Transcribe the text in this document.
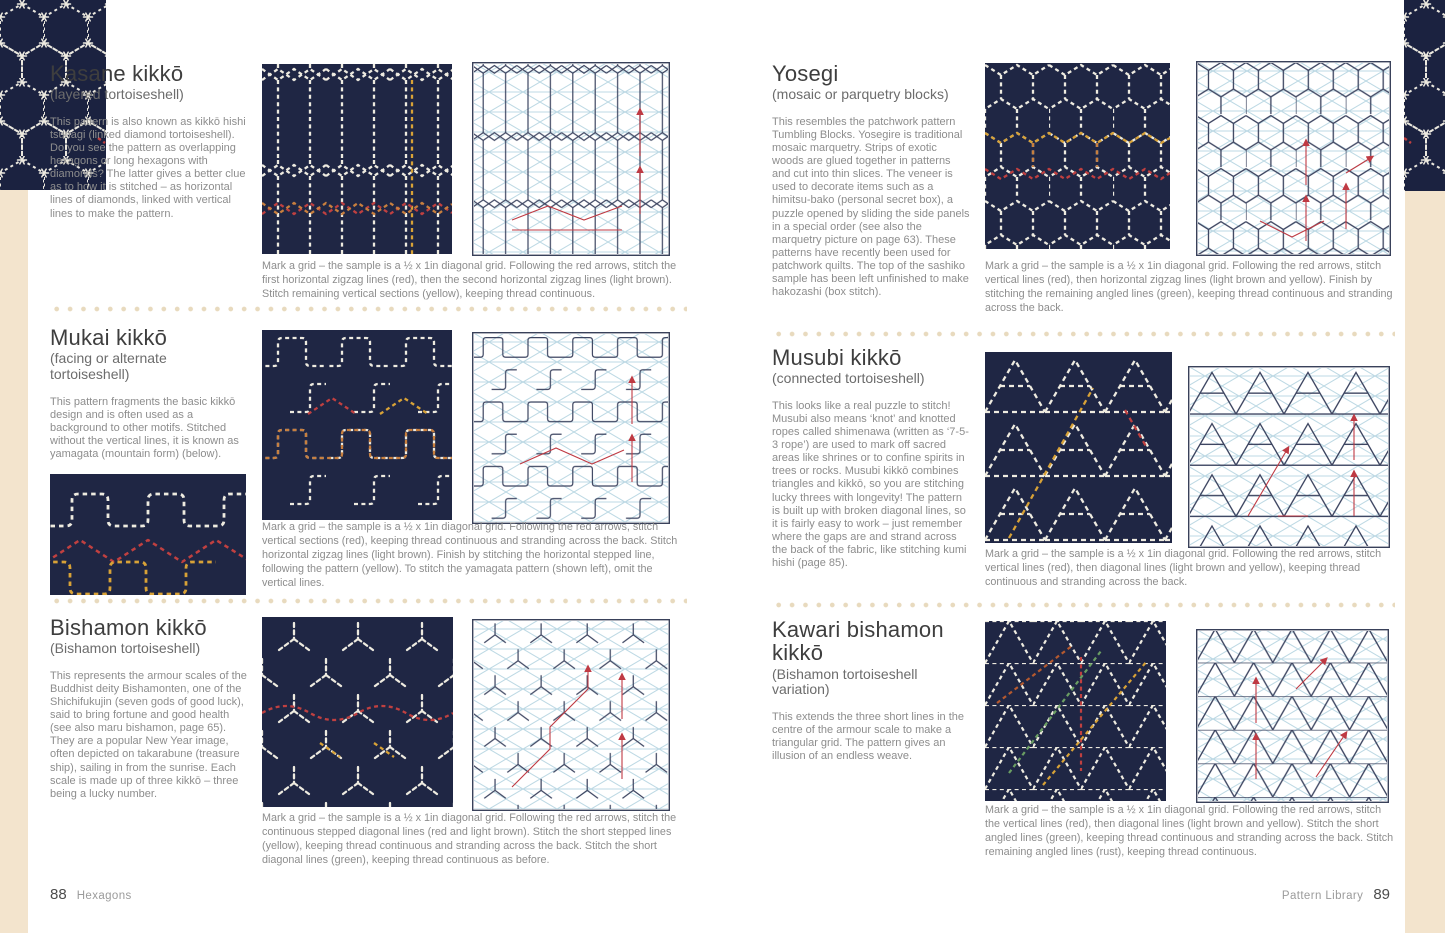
Kasane kikkō
(layered tortoiseshell)

This pattern is also known as kikkō hishi tsunagi (linked diamond tortoiseshell). Do you see the pattern as overlapping hexagons or long hexagons with diamonds? The latter gives a better clue as to how it is stitched – as horizontal lines of diamonds, linked with vertical lines to make the pattern.

Mark a grid – the sample is a ½ x 1in diagonal grid. Following the red arrows, stitch the first horizontal zigzag lines (red), then the second horizontal zigzag lines (light brown). Stitch remaining vertical sections (yellow), keeping thread continuous.
Mukai kikkō
(facing or alternate tortoiseshell)

This pattern fragments the basic kikkō design and is often used as a background to other motifs. Stitched without the vertical lines, it is known as yamagata (mountain form) (below).

Mark a grid – the sample is a ½ x 1in diagonal grid. Following the red arrows, stitch vertical sections (red), keeping thread continuous and stranding across the back. Stitch horizontal zigzag lines (light brown). Finish by stitching the horizontal stepped line, following the pattern (yellow). To stitch the yamagata pattern (shown left), omit the vertical lines.
Bishamon kikkō
(Bishamon tortoiseshell)

This represents the armour scales of the Buddhist deity Bishamonten, one of the Shichifukujin (seven gods of good luck), said to bring fortune and good health (see also maru bishamon, page 65). They are a popular New Year image, often depicted on takarabune (treasure ship), sailing in from the sunrise. Each scale is made up of three kikkō – three being a lucky number.

Mark a grid – the sample is a ½ x 1in diagonal grid. Following the red arrows, stitch the continuous stepped diagonal lines (red and light brown). Stitch the short stepped lines (yellow), keeping thread continuous and stranding across the back. Stitch the short diagonal lines (green), keeping thread continuous as before.
88 Hexagons
Yosegi
(mosaic or parquetry blocks)

This resembles the patchwork pattern Tumbling Blocks. Yosegire is traditional mosaic marquetry. Strips of exotic woods are glued together in patterns and cut into thin slices. The veneer is used to decorate items such as a himitsu-bako (personal secret box), a puzzle opened by sliding the side panels in a special order (see also the marquetry picture on page 63). These patterns have recently been used for patchwork quilts. The top of the sashiko sample has been left unfinished to make hakozashi (box stitch).

Mark a grid – the sample is a ½ x 1in diagonal grid. Following the red arrows, stitch vertical lines (red), then horizontal zigzag lines (light brown and yellow). Finish by stitching the remaining angled lines (green), keeping thread continuous and stranding across the back.
Musubi kikkō
(connected tortoiseshell)

This looks like a real puzzle to stitch! Musubi also means ‘knot’ and knotted ropes called shimenawa (written as ‘7-5-3 rope’) are used to mark off sacred areas like shrines or to confine spirits in trees or rocks. Musubi kikkō combines triangles and kikkō, so you are stitching lucky threes with longevity! The pattern is built up with broken diagonal lines, so it is fairly easy to work – just remember where the gaps are and strand across the back of the fabric, like stitching kumi hishi (page 85).

Mark a grid – the sample is a ½ x 1in diagonal grid. Following the red arrows, stitch vertical lines (red), then diagonal lines (light brown and yellow), keeping thread continuous and stranding across the back.
Kawari bishamon kikkō
(Bishamon tortoiseshell variation)

This extends the three short lines in the centre of the armour scale to make a triangular grid. The pattern gives an illusion of an endless weave.

Mark a grid – the sample is a ½ x 1in diagonal grid. Following the red arrows, stitch the vertical lines (red), then diagonal lines (light brown and yellow). Stitch the short angled lines (green), keeping thread continuous and stranding across the back. Stitch remaining angled lines (rust), keeping thread continuous.
Pattern Library 89
